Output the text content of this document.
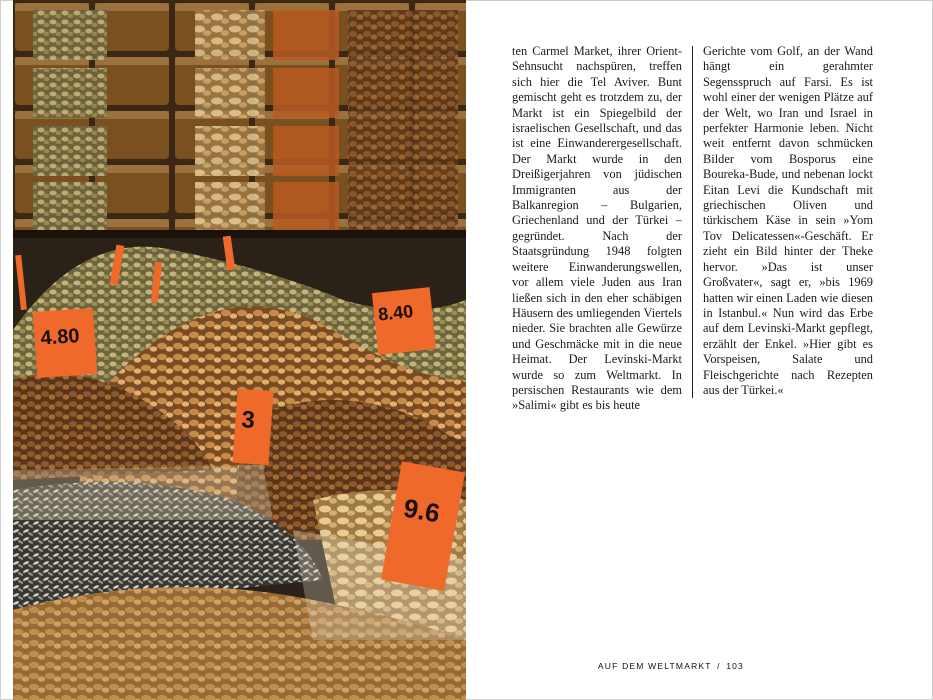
4.80
8.40
3
9.6

ten Carmel Market, ihrer Orient-Sehnsucht nachspüren, treffen sich hier die Tel Aviver. Bunt gemischt geht es trotzdem zu, der Markt ist ein Spiegelbild der israelischen Gesellschaft, und das ist eine Einwanderergesellschaft. Der Markt wurde in den Dreißigerjahren von jüdischen Immigranten aus der Balkanregion – Bulgarien, Griechenland und der Türkei – gegründet. Nach der Staatsgründung 1948 folgten weitere Einwanderungswellen, vor allem viele Juden aus Iran ließen sich in den eher schäbigen Häusern des umliegenden Viertels nieder. Sie brachten alle Gewürze und Geschmäcke mit in die neue Heimat. Der Levinski-Markt wurde so zum Weltmarkt. In persischen Restaurants wie dem »Salimi« gibt es bis heute

Gerichte vom Golf, an der Wand hängt ein gerahmter Segensspruch auf Farsi. Es ist wohl einer der wenigen Plätze auf der Welt, wo Iran und Israel in perfekter Harmonie leben. Nicht weit entfernt davon schmücken Bilder vom Bosporus eine Boureka-Bude, und nebenan lockt Eitan Levi die Kundschaft mit griechischen Oliven und türkischem Käse in sein »Yom Tov Delicatessen«-Geschäft. Er zieht ein Bild hinter der Theke hervor. »Das ist unser Großvater«, sagt er, »bis 1969 hatten wir einen Laden wie diesen in Istanbul.« Nun wird das Erbe auf dem Levinski-Markt gepflegt, erzählt der Enkel. »Hier gibt es Vorspeisen, Salate und Fleischgerichte nach Rezepten aus der Türkei.«

AUF DEM WELTMARKT / 103
